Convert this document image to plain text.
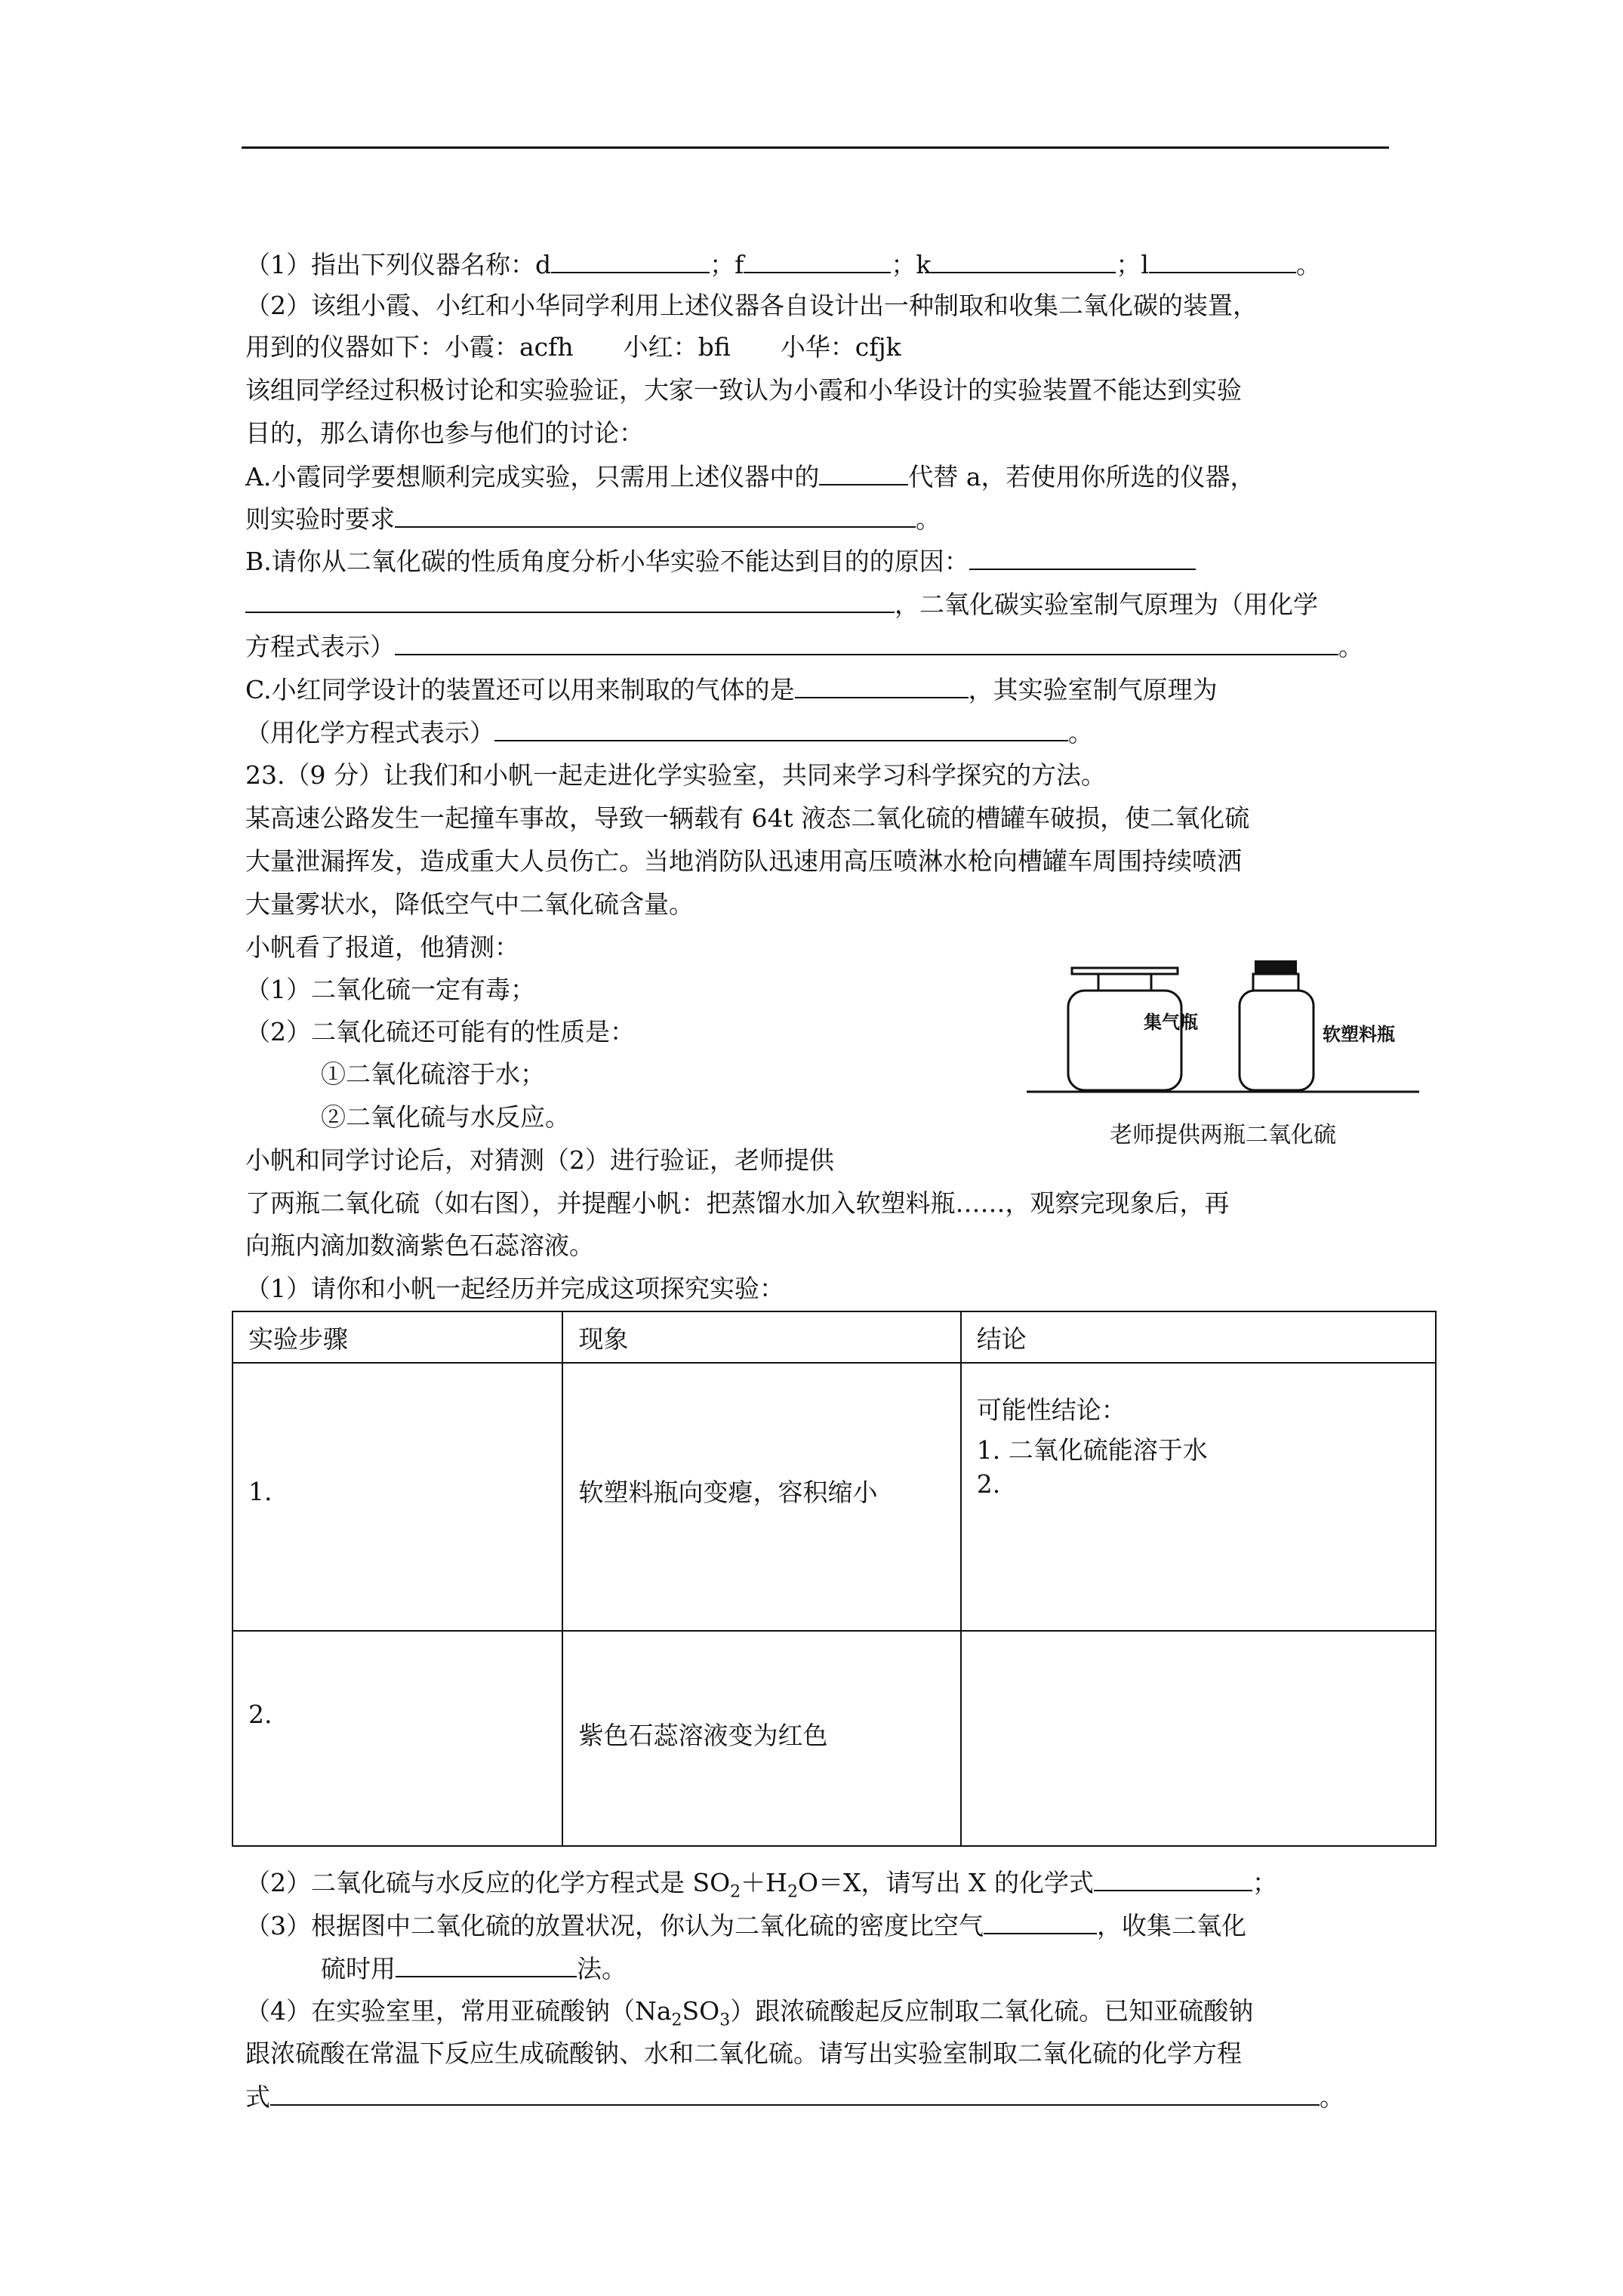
（1）指出下列仪器名称：d	；f	；k	；l	。
（2）该组小霞、小红和小华同学利用上述仪器各自设计出一种制取和收集二氧化碳的装置，
用到的仪器如下：小霞：acfh　　小红：bfi　　小华：cfjk
该组同学经过积极讨论和实验验证，大家一致认为小霞和小华设计的实验装置不能达到实验
目的，那么请你也参与他们的讨论：
A.小霞同学要想顺利完成实验，只需用上述仪器中的	代替 a，若使用你所选的仪器，
则实验时要求	。
B.请你从二氧化碳的性质角度分析小华实验不能达到目的的原因：
，二氧化碳实验室制气原理为（用化学
方程式表示）	。
C.小红同学设计的装置还可以用来制取的气体的是	，其实验室制气原理为
（用化学方程式表示）	。
23.（9 分）让我们和小帆一起走进化学实验室，共同来学习科学探究的方法。
某高速公路发生一起撞车事故，导致一辆载有 64t 液态二氧化硫的槽罐车破损，使二氧化硫
大量泄漏挥发，造成重大人员伤亡。当地消防队迅速用高压喷淋水枪向槽罐车周围持续喷洒
大量雾状水，降低空气中二氧化硫含量。
小帆看了报道，他猜测：
（1）二氧化硫一定有毒；
（2）二氧化硫还可能有的性质是：
①二氧化硫溶于水；
②二氧化硫与水反应。
小帆和同学讨论后，对猜测（2）进行验证，老师提供
了两瓶二氧化硫（如右图），并提醒小帆：把蒸馏水加入软塑料瓶……，观察完现象后，再
向瓶内滴加数滴紫色石蕊溶液。
（1）请你和小帆一起经历并完成这项探究实验：
集气瓶
软塑料瓶
老师提供两瓶二氧化硫
实验步骤	现象	结论
1.	软塑料瓶向变瘪，容积缩小	可能性结论：
1. 二氧化硫能溶于水
2.

2.	紫色石蕊溶液变为红色	
（2）二氧化硫与水反应的化学方程式是 $SO_2+H_2O=X$，请写出 X 的化学式	；
（3）根据图中二氧化硫的放置状况，你认为二氧化硫的密度比空气	，收集二氧化
硫时用	法。
（4）在实验室里，常用亚硫酸钠$(Na_2SO_3)$跟浓硫酸起反应制取二氧化硫。已知亚硫酸钠
跟浓硫酸在常温下反应生成硫酸钠、水和二氧化硫。请写出实验室制取二氧化硫的化学方程
式	。
